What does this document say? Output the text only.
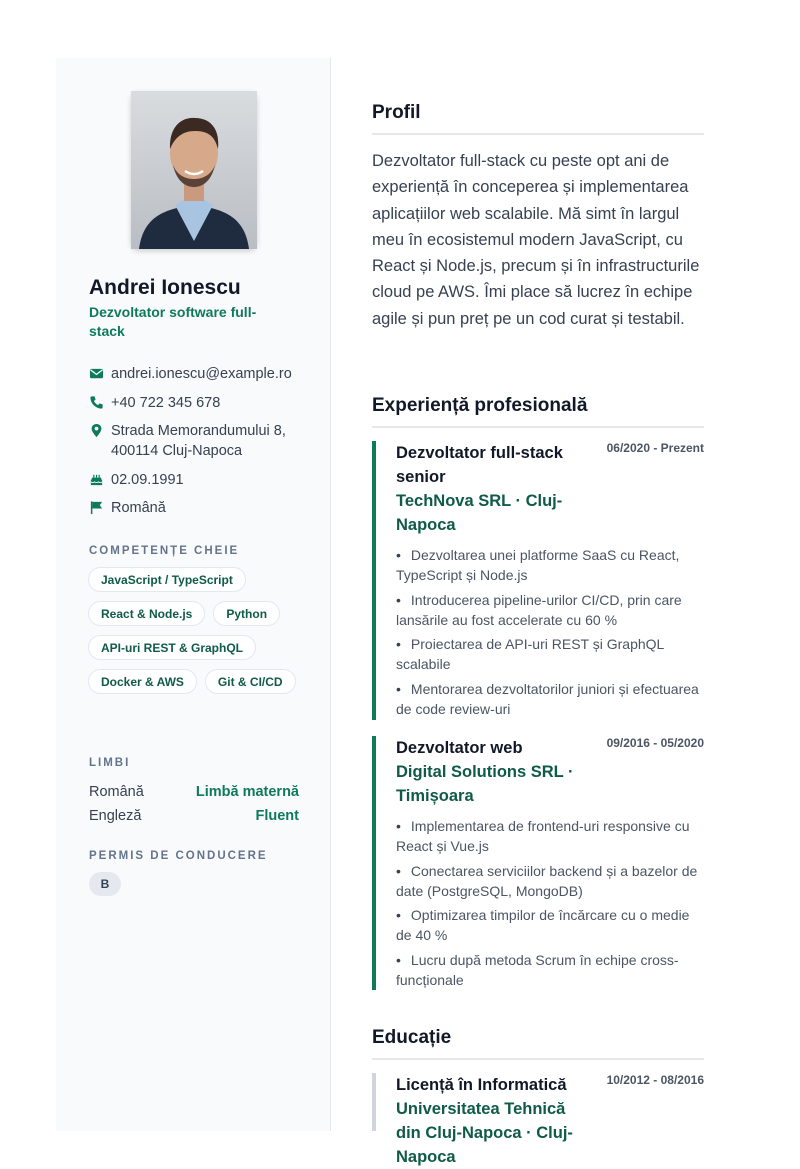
Andrei Ionescu
Dezvoltator software full-stack
andrei.ionescu@example.ro
+40 722 345 678
Strada Memorandumului 8, 400114 Cluj-Napoca
02.09.1991
Română
COMPETENȚE CHEIE
JavaScript / TypeScript
React & Node.js	Python
API-uri REST & GraphQL
Docker & AWS	Git & CI/CD
LIMBI
Română	Limbă maternă
Engleză	Fluent
PERMIS DE CONDUCERE
B
Profil

Dezvoltator full-stack cu peste opt ani de experiență în conceperea și implementarea aplicațiilor web scalabile. Mă simt în largul meu în ecosistemul modern JavaScript, cu React și Node.js, precum și în infrastructurile cloud pe AWS. Îmi place să lucrez în echipe agile și pun preț pe un cod curat și testabil.

Experiență profesională
Dezvoltator full-stack senior
06/2020 - Prezent
TechNova SRL · Cluj-Napoca
• Dezvoltarea unei platforme SaaS cu React, TypeScript și Node.js
• Introducerea pipeline-urilor CI/CD, prin care lansările au fost accelerate cu 60 %
• Proiectarea de API-uri REST și GraphQL scalabile
• Mentorarea dezvoltatorilor juniori și efectuarea de code review-uri
Dezvoltator web	09/2016 - 05/2020
Digital Solutions SRL · Timișoara
• Implementarea de frontend-uri responsive cu React și Vue.js
• Conectarea serviciilor backend și a bazelor de date (PostgreSQL, MongoDB)
• Optimizarea timpilor de încărcare cu o medie de 40 %
• Lucru după metoda Scrum în echipe cross-funcționale
Educație
Licență în Informatică	10/2012 - 08/2016
Universitatea Tehnică din Cluj-Napoca · Cluj-Napoca
